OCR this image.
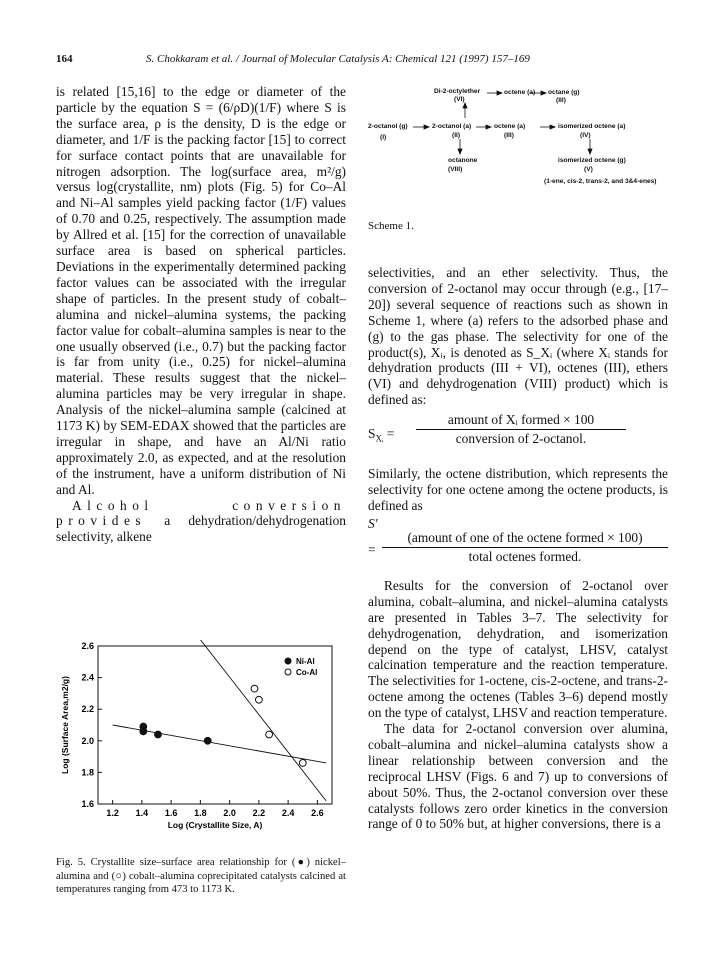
164	S. Chokkaram et al. / Journal of Molecular Catalysis A: Chemical 121 (1997) 157–169

is related [15,16] to the edge or diameter of the particle by the equation S = (6/ρD)(1/F) where S is the surface area, ρ is the density, D is the edge or diameter, and 1/F is the packing factor [15] to correct for surface contact points that are unavailable for nitrogen adsorption. The log(surface area, m²/g) versus log(crystallite, nm) plots (Fig. 5) for Co–Al and Ni–Al samples yield packing factor (1/F) values of 0.70 and 0.25, respectively. The assumption made by Allred et al. [15] for the correction of unavailable surface area is based on spherical particles. Deviations in the experimentally determined packing factor values can be associated with the irregular shape of particles. In the present study of cobalt–alumina and nickel–alumina systems, the packing factor value for cobalt–alumina samples is near to the one usually observed (i.e., 0.7) but the packing factor is far from unity (i.e., 0.25) for nickel–alumina material. These results suggest that the nickel–alumina particles may be very irregular in shape. Analysis of the nickel–alumina sample (calcined at 1173 K) by SEM-EDAX showed that the particles are irregular in shape, and have an Al/Ni ratio approximately 2.0, as expected, and at the resolution of the instrument, have a uniform distribution of Ni and Al.

Alcohol conversion provides a dehydration/dehydrogenation selectivity, alkene

Di-2-octylether
(VI)
octene (a) octane (g)
(III)
2-octanol (g)
(I)
2-octanol (a)
(II)
octene (a)
(III)
isomerized octene (a)
(IV)
octanone
(VIII)
isomerized octene (g)
(V)
(1-ene, cis-2, trans-2, and 3&4-enes)
Scheme 1.

selectivities, and an ether selectivity. Thus, the conversion of 2-octanol may occur through (e.g., [17–20]) several sequence of reactions such as shown in Scheme 1, where (a) refers to the adsorbed phase and (g) to the gas phase. The selectivity for one of the product(s), Xᵢ, is denoted as S_Xᵢ (where Xᵢ stands for dehydration products (III + VI), octenes (III), ethers (VI) and dehydrogenation (VIII) product) which is defined as:

$S_{Xᵢ}$ =
amount of Xᵢ formed × 100
conversion of 2-octanol.

Similarly, the octene distribution, which represents the selectivity for one octene among the octene products, is defined as

S′
=
(amount of one of the octene formed × 100)
total octenes formed.

Results for the conversion of 2-octanol over alumina, cobalt–alumina, and nickel–alumina catalysts are presented in Tables 3–7. The selectivity for dehydrogenation, dehydration, and isomerization depend on the type of catalyst, LHSV, catalyst calcination temperature and the reaction temperature. The selectivities for 1-octene, cis-2-octene, and trans-2-octene among the octenes (Tables 3–6) depend mostly on the type of catalyst, LHSV and reaction temperature.

The data for 2-octanol conversion over alumina, cobalt–alumina and nickel–alumina catalysts show a linear relationship between conversion and the reciprocal LHSV (Figs. 6 and 7) up to conversions of about 50%. Thus, the 2-octanol conversion over these catalysts follows zero order kinetics in the conversion range of 0 to 50% but, at higher conversions, there is a

1.2 1.4 1.6 1.8 2.0 2.2 2.4 2.6
1.6
1.8
2.0
2.2
2.4
2.6
Log (Crystallite Size, A)
Log (Surface Area,m2/g)
Ni-Al
Co-Al
Fig. 5. Crystallite size–surface area relationship for (●) nickel–alumina and (○) cobalt–alumina coprecipitated catalysts calcined at temperatures ranging from 473 to 1173 K.
